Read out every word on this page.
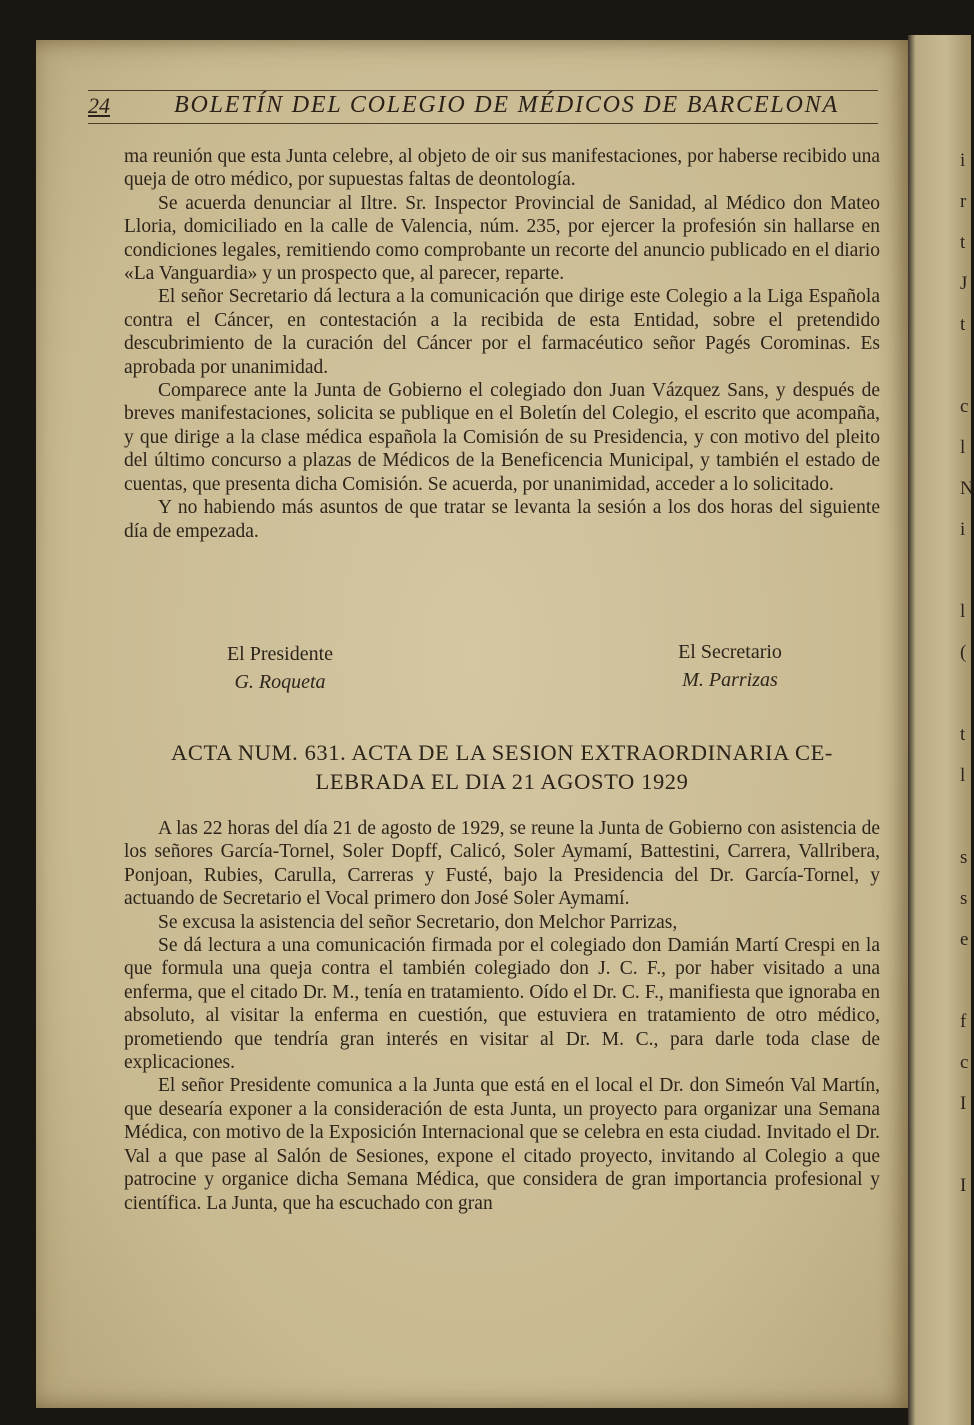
i
r
t
J
t

c
l
N
i

l
(

t
l

s
s
e

f
c
I

I
24	BOLETÍN DEL COLEGIO DE MÉDICOS DE BARCELONA

ma reunión que esta Junta celebre, al objeto de oir sus manifestaciones, por haberse recibido una queja de otro médico, por supuestas faltas de deontología.

Se acuerda denunciar al Iltre. Sr. Inspector Provincial de Sanidad, al Médico don Mateo Lloria, domiciliado en la calle de Valencia, núm. 235, por ejercer la profesión sin hallarse en condiciones legales, remitiendo como comprobante un recorte del anuncio publicado en el diario «La Vanguardia» y un prospecto que, al parecer, reparte.

El señor Secretario dá lectura a la comunicación que dirige este Colegio a la Liga Española contra el Cáncer, en contestación a la recibida de esta Entidad, sobre el pretendido descubrimiento de la curación del Cáncer por el farmacéutico señor Pagés Corominas. Es aprobada por unanimidad.

Comparece ante la Junta de Gobierno el colegiado don Juan Vázquez Sans, y después de breves manifestaciones, solicita se publique en el Boletín del Colegio, el escrito que acompaña, y que dirige a la clase médica española la Comisión de su Presidencia, y con motivo del pleito del último concurso a plazas de Médicos de la Beneficencia Municipal, y también el estado de cuentas, que presenta dicha Comisión. Se acuerda, por unanimidad, acceder a lo solicitado.

Y no habiendo más asuntos de que tratar se levanta la sesión a los dos horas del siguiente día de empezada.

El Presidente
G. Roqueta
El Secretario
M. Parrizas
ACTA NUM. 631. ACTA DE LA SESION EXTRAORDINARIA CE-
LEBRADA EL DIA 21 AGOSTO 1929

A las 22 horas del día 21 de agosto de 1929, se reune la Junta de Gobierno con asistencia de los señores García-Tornel, Soler Dopff, Calicó, Soler Aymamí, Battestini, Carrera, Vallribera, Ponjoan, Rubies, Carulla, Carreras y Fusté, bajo la Presidencia del Dr. García-Tornel, y actuando de Secretario el Vocal primero don José Soler Aymamí.

Se excusa la asistencia del señor Secretario, don Melchor Parrizas,

Se dá lectura a una comunicación firmada por el colegiado don Damián Martí Crespi en la que formula una queja contra el también colegiado don J. C. F., por haber visitado a una enferma, que el citado Dr. M., tenía en tratamiento. Oído el Dr. C. F., manifiesta que ignoraba en absoluto, al visitar la enferma en cuestión, que estuviera en tratamiento de otro médico, prometiendo que tendría gran interés en visitar al Dr. M. C., para darle toda clase de explicaciones.

El señor Presidente comunica a la Junta que está en el local el Dr. don Simeón Val Martín, que desearía exponer a la consideración de esta Junta, un proyecto para organizar una Semana Médica, con motivo de la Exposición Internacional que se celebra en esta ciudad. Invitado el Dr. Val a que pase al Salón de Sesiones, expone el citado proyecto, invitando al Colegio a que patrocine y organice dicha Semana Médica, que considera de gran importancia profesional y científica. La Junta, que ha escuchado con gran
